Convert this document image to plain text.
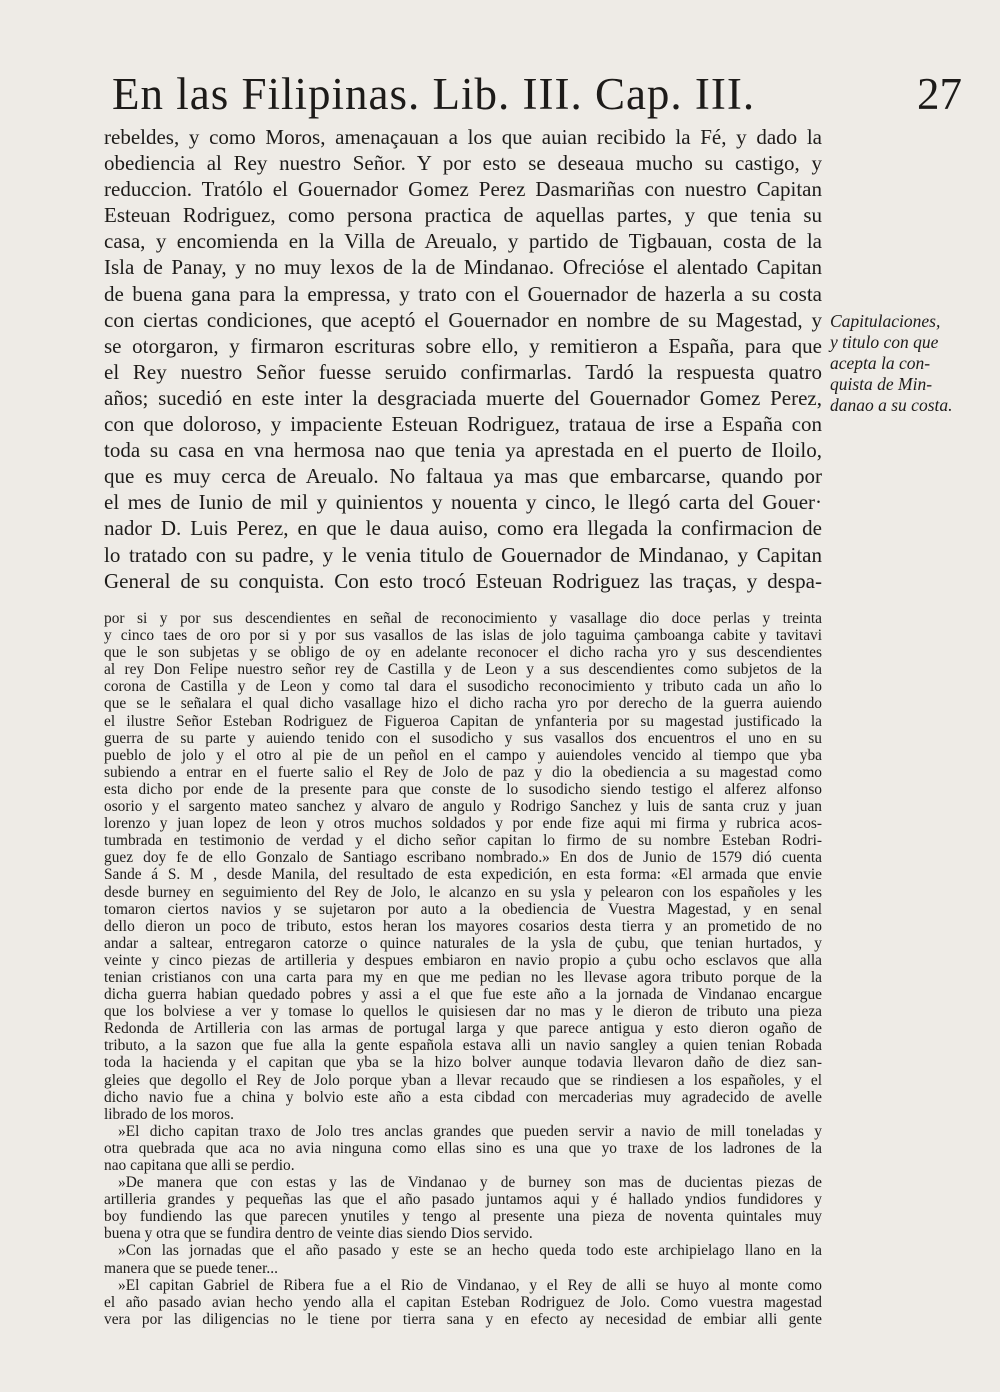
En las Filipinas. Lib. III. Cap. III.	27
rebeldes, y como Moros, amenaçauan a los que auian recibido la Fé, y dado la
obediencia al Rey nuestro Señor. Y por esto se deseaua mucho su castigo, y
reduccion. Tratólo el Gouernador Gomez Perez Dasmariñas con nuestro Capitan
Esteuan Rodriguez, como persona practica de aquellas partes, y que tenia su
casa, y encomienda en la Villa de Areualo, y partido de Tigbauan, costa de la
Isla de Panay, y no muy lexos de la de Mindanao. Ofreciόse el alentado Capitan
de buena gana para la empressa, y trato con el Gouernador de hazerla a su costa
con ciertas condiciones, que aceptó el Gouernador en nombre de su Magestad, y
se otorgaron, y firmaron escrituras sobre ello, y remitieron a España, para que
el Rey nuestro Señor fuesse seruido confirmarlas. Tardó la respuesta quatro
años; sucedió en este inter la desgraciada muerte del Gouernador Gomez Perez,
con que doloroso, y impaciente Esteuan Rodriguez, trataua de irse a España con
toda su casa en vna hermosa nao que tenia ya aprestada en el puerto de Iloilo,
que es muy cerca de Areualo. No faltaua ya mas que embarcarse, quando por
el mes de Iunio de mil y quinientos y nouenta y cinco, le llegó carta del Gouer·
nador D. Luis Perez, en que le daua auiso, como era llegada la confirmacion de
lo tratado con su padre, y le venia titulo de Gouernador de Mindanao, y Capitan
General de su conquista. Con esto trocó Esteuan Rodriguez las traças, y despa-
Capitulaciones,
y titulo con que
acepta la con-
quista de Min-
danao a su costa.
por si y por sus descendientes en señal de reconocimiento y vasallage dio doce perlas y treinta
y cinco taes de oro por si y por sus vasallos de las islas de jolo taguima çamboanga cabite y tavitavi
que le son subjetas y se obligo de oy en adelante reconocer el dicho racha yro y sus descendientes
al rey Don Felipe nuestro señor rey de Castilla y de Leon y a sus descendientes como subjetos de la
corona de Castilla y de Leon y como tal dara el susodicho reconocimiento y tributo cada un año lo
que se le señalara el qual dicho vasallage hizo el dicho racha yro por derecho de la guerra auiendo
el ilustre Señor Esteban Rodriguez de Figueroa Capitan de ynfanteria por su magestad justificado la
guerra de su parte y auiendo tenido con el susodicho y sus vasallos dos encuentros el uno en su
pueblo de jolo y el otro al pie de un peñol en el campo y auiendoles vencido al tiempo que yba
subiendo a entrar en el fuerte salio el Rey de Jolo de paz y dio la obediencia a su magestad como
esta dicho por ende de la presente para que conste de lo susodicho siendo testigo el alferez alfonso
osorio y el sargento mateo sanchez y alvaro de angulo y Rodrigo Sanchez y luis de santa cruz y juan
lorenzo y juan lopez de leon y otros muchos soldados y por ende fize aqui mi firma y rubrica acos-
tumbrada en testimonio de verdad y el dicho señor capitan lo firmo de su nombre Esteban Rodri-
guez doy fe de ello Gonzalo de Santiago escribano nombrado.» En dos de Junio de 1579 dió cuenta
Sande á S. M , desde Manila, del resultado de esta expedición, en esta forma: «El armada que envie
desde burney en seguimiento del Rey de Jolo, le alcanzo en su ysla y pelearon con los españoles y les
tomaron ciertos navios y se sujetaron por auto a la obediencia de Vuestra Magestad, y en senal
dello dieron un poco de tributo, estos heran los mayores cosarios desta tierra y an prometido de no
andar a saltear, entregaron catorze o quince naturales de la ysla de çubu, que tenian hurtados, y
veinte y cinco piezas de artilleria y despues embiaron en navio propio a çubu ocho esclavos que alla
tenian cristianos con una carta para my en que me pedian no les llevase agora tributo porque de la
dicha guerra habian quedado pobres y assi a el que fue este año a la jornada de Vindanao encargue
que los bolviese a ver y tomase lo quellos le quisiesen dar no mas y le dieron de tributo una pieza
Redonda de Artilleria con las armas de portugal larga y que parece antigua y esto dieron ogaño de
tributo, a la sazon que fue alla la gente española estava alli un navio sangley a quien tenian Robada
toda la hacienda y el capitan que yba se la hizo bolver aunque todavia llevaron daño de diez san-
gleies que degollo el Rey de Jolo porque yban a llevar recaudo que se rindiesen a los españoles, y el
dicho navio fue a china y bolvio este año a esta cibdad con mercaderias muy agradecido de avelle
librado de los moros.
»El dicho capitan traxo de Jolo tres anclas grandes que pueden servir a navio de mill toneladas y
otra quebrada que aca no avia ninguna como ellas sino es una que yo traxe de los ladrones de la
nao capitana que alli se perdio.
»De manera que con estas y las de Vindanao y de burney son mas de ducientas piezas de
artilleria grandes y pequeñas las que el año pasado juntamos aqui y é hallado yndios fundidores y
boy fundiendo las que parecen ynutiles y tengo al presente una pieza de noventa quintales muy
buena y otra que se fundira dentro de veinte dias siendo Dios servido.
»Con las jornadas que el año pasado y este se an hecho queda todo este archipielago llano en la
manera que se puede tener...
»El capitan Gabriel de Ribera fue a el Rio de Vindanao, y el Rey de alli se huyo al monte como
el año pasado avian hecho yendo alla el capitan Esteban Rodriguez de Jolo. Como vuestra magestad
vera por las diligencias no le tiene por tierra sana y en efecto ay necesidad de embiar alli gente
